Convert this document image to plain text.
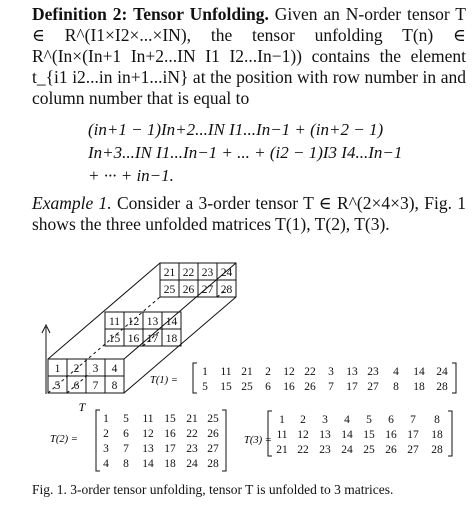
Definition 2: Tensor Unfolding. Given an N-order tensor T ∈ R^(I1×I2×...×IN), the tensor unfolding T(n) ∈ R^(In×(In+1 In+2...IN I1 I2...In−1)) contains the element t_{i1 i2...in in+1...iN} at the position with row number in and column number that is equal to
(in+1 − 1)In+2...IN I1...In−1 + (in+2 − 1)
In+3...IN I1...In−1 + ... + (i2 − 1)I3 I4...In−1
+ ··· + in−1.
Example 1. Consider a 3-order tensor T ∈ R^(2×4×3), Fig. 1 shows the three unfolded matrices T(1), T(2), T(3).
21 22 23 24
25 26 27 28
11 12 13 14
15 16 17 18
1 2 3 4
5 6 7 8
T
T(1) =
1 11 21 2 12 22 3 13 23 4 14 24
5 15 25 6 16 26 7 17 27 8 18 28
T(2) =
1 5 11 15 21 25
2 6 12 16 22 26
3 7 13 17 23 27
4 8 14 18 24 28
T(3) =
1 2 3 4 5 6 7 8
11 12 13 14 15 16 17 18
21 22 23 24 25 26 27 28
Fig. 1. 3-order tensor unfolding, tensor T is unfolded to 3 matrices.
